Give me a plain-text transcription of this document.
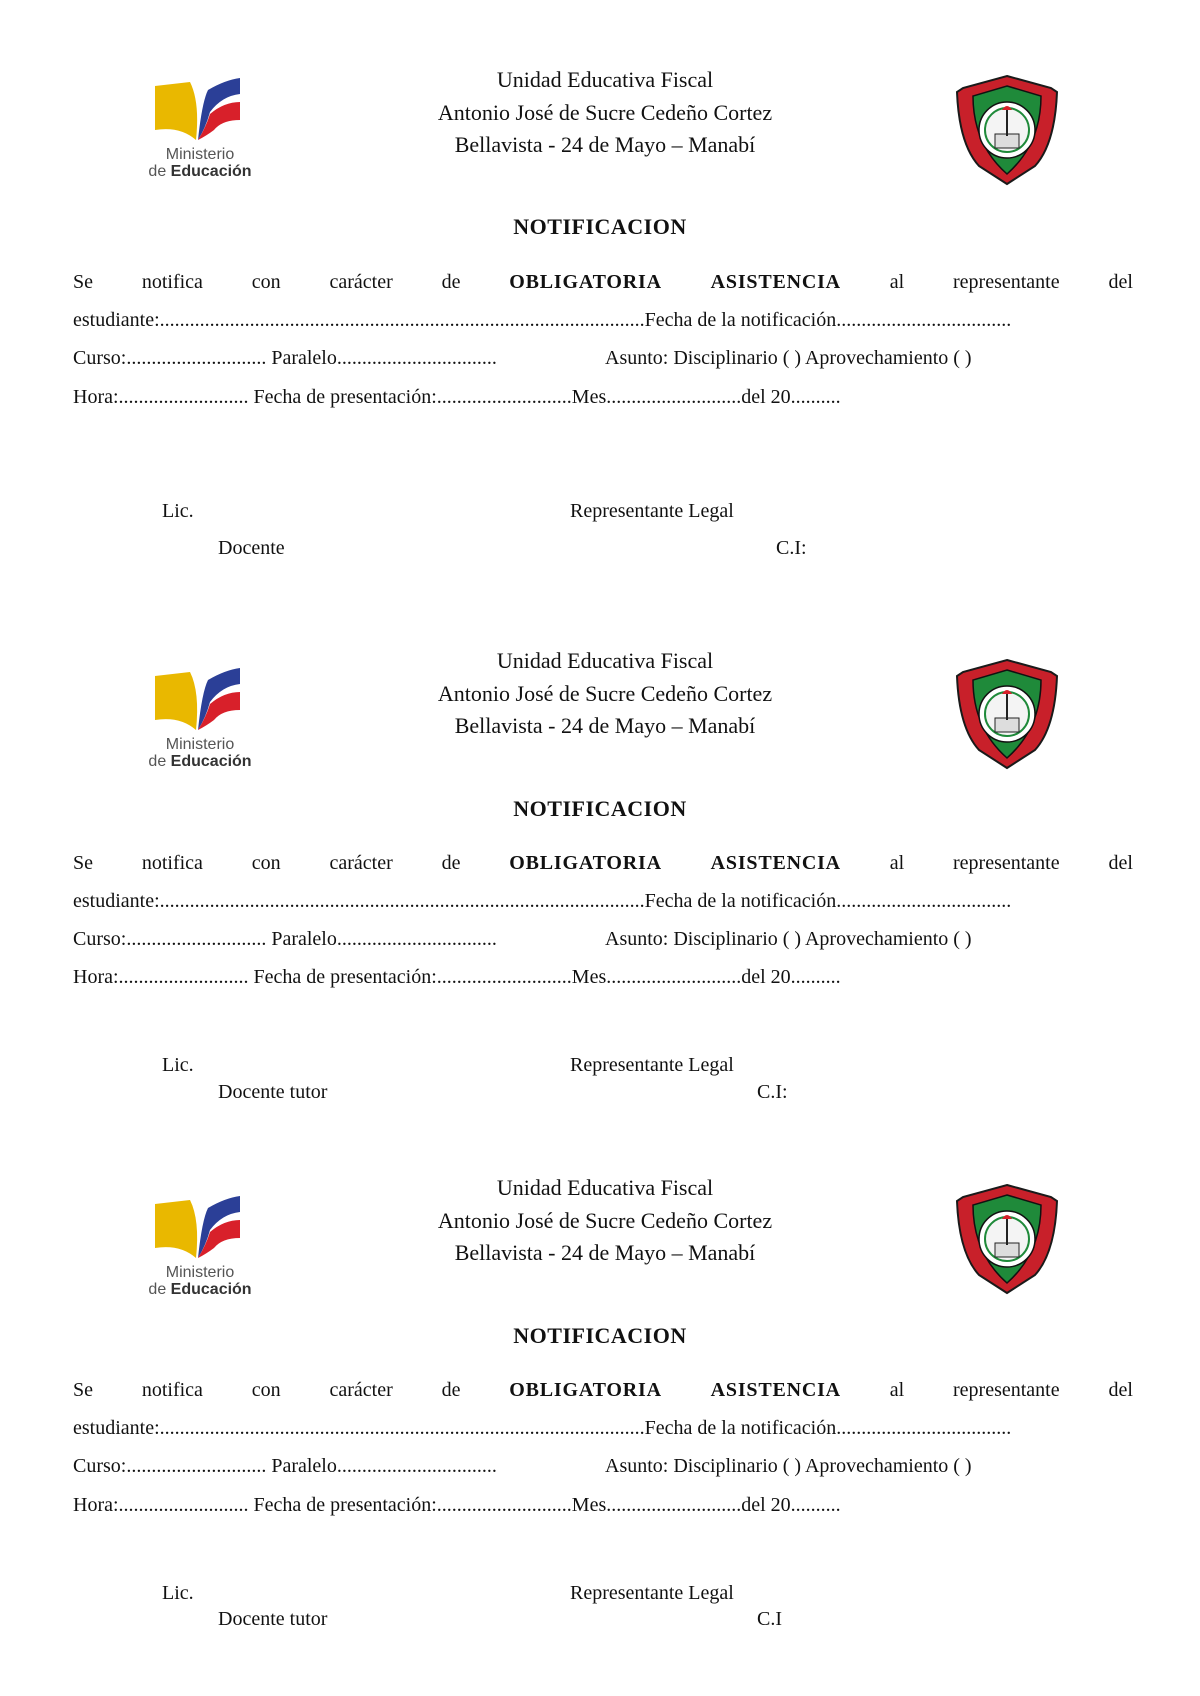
Ministerio
de Educación
Unidad Educativa Fiscal
Antonio José de Sucre Cedeño Cortez
Bellavista - 24 de Mayo – Manabí
NOTIFICACION
Se notifica con carácter de OBLIGATORIA ASISTENCIA al representante del
estudiante:.................................................................................................Fecha de la notificación...................................
Curso:............................ Paralelo................................	Asunto: Disciplinario ( ) Aprovechamiento ( )
Hora:.......................... Fecha de presentación:...........................Mes...........................del 20..........
Lic.	Representante Legal
Docente	C.I:
Ministerio
de Educación
Unidad Educativa Fiscal
Antonio José de Sucre Cedeño Cortez
Bellavista - 24 de Mayo – Manabí
NOTIFICACION
Se notifica con carácter de OBLIGATORIA ASISTENCIA al representante del
estudiante:.................................................................................................Fecha de la notificación...................................
Curso:............................ Paralelo................................	Asunto: Disciplinario ( ) Aprovechamiento ( )
Hora:.......................... Fecha de presentación:...........................Mes...........................del 20..........
Lic.	Representante Legal
Docente tutor	C.I:
Ministerio
de Educación
Unidad Educativa Fiscal
Antonio José de Sucre Cedeño Cortez
Bellavista - 24 de Mayo – Manabí
NOTIFICACION
Se notifica con carácter de OBLIGATORIA ASISTENCIA al representante del
estudiante:.................................................................................................Fecha de la notificación...................................
Curso:............................ Paralelo................................	Asunto: Disciplinario ( ) Aprovechamiento ( )
Hora:.......................... Fecha de presentación:...........................Mes...........................del 20..........
Lic.	Representante Legal
Docente tutor	C.I
